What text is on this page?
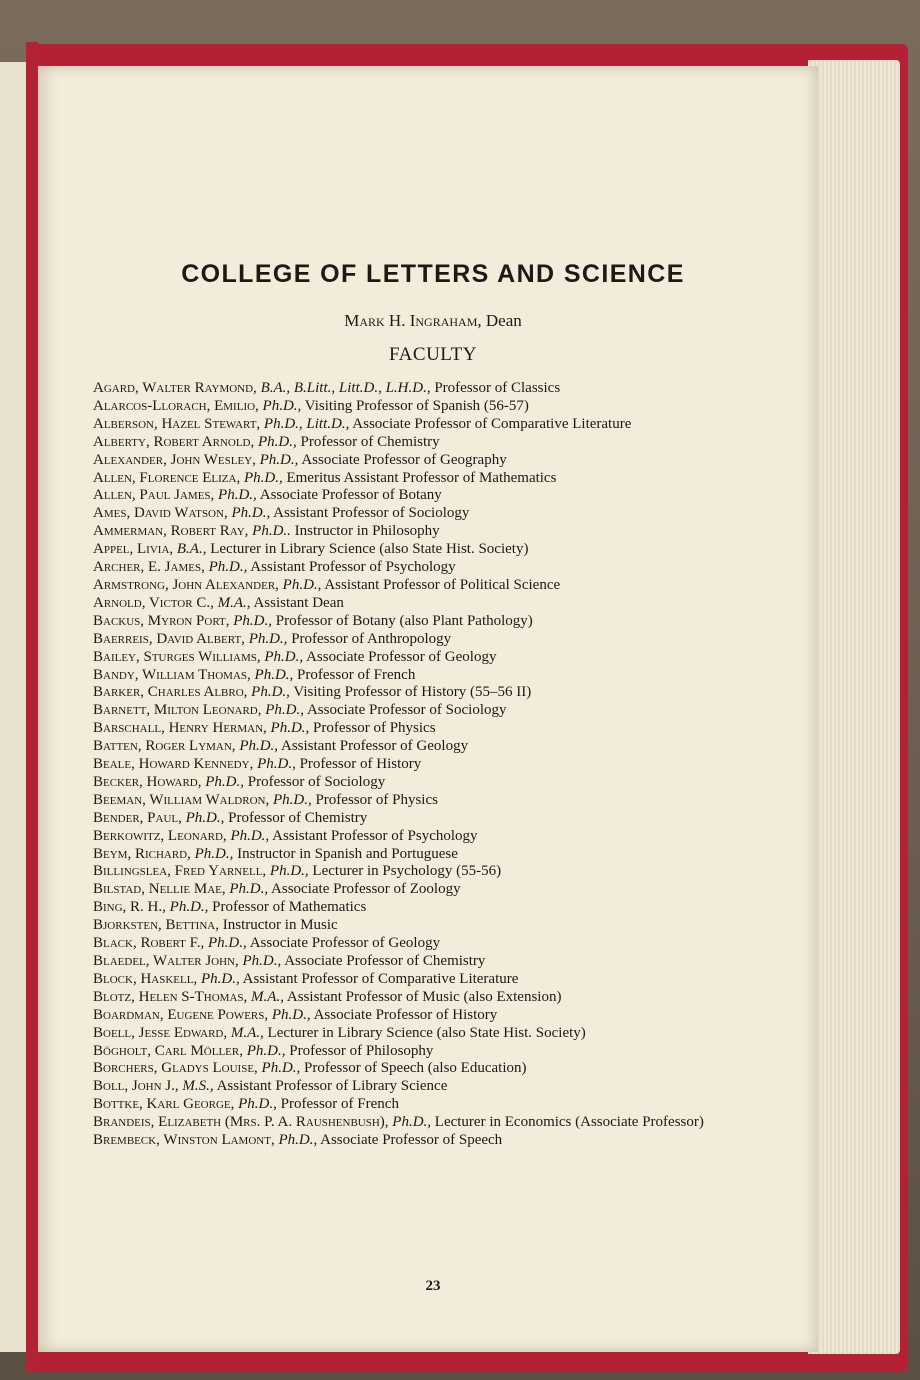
COLLEGE OF LETTERS AND SCIENCE
Mark H. Ingraham, Dean
FACULTY
Agard, Walter Raymond, B.A., B.Litt., Litt.D., L.H.D., Professor of Classics
Alarcos-Llorach, Emilio, Ph.D., Visiting Professor of Spanish (56-57)
Alberson, Hazel Stewart, Ph.D., Litt.D., Associate Professor of Comparative Literature
Alberty, Robert Arnold, Ph.D., Professor of Chemistry
Alexander, John Wesley, Ph.D., Associate Professor of Geography
Allen, Florence Eliza, Ph.D., Emeritus Assistant Professor of Mathematics
Allen, Paul James, Ph.D., Associate Professor of Botany
Ames, David Watson, Ph.D., Assistant Professor of Sociology
Ammerman, Robert Ray, Ph.D.. Instructor in Philosophy
Appel, Livia, B.A., Lecturer in Library Science (also State Hist. Society)
Archer, E. James, Ph.D., Assistant Professor of Psychology
Armstrong, John Alexander, Ph.D., Assistant Professor of Political Science
Arnold, Victor C., M.A., Assistant Dean
Backus, Myron Port, Ph.D., Professor of Botany (also Plant Pathology)
Baerreis, David Albert, Ph.D., Professor of Anthropology
Bailey, Sturges Williams, Ph.D., Associate Professor of Geology
Bandy, William Thomas, Ph.D., Professor of French
Barker, Charles Albro, Ph.D., Visiting Professor of History (55–56 II)
Barnett, Milton Leonard, Ph.D., Associate Professor of Sociology
Barschall, Henry Herman, Ph.D., Professor of Physics
Batten, Roger Lyman, Ph.D., Assistant Professor of Geology
Beale, Howard Kennedy, Ph.D., Professor of History
Becker, Howard, Ph.D., Professor of Sociology
Beeman, William Waldron, Ph.D., Professor of Physics
Bender, Paul, Ph.D., Professor of Chemistry
Berkowitz, Leonard, Ph.D., Assistant Professor of Psychology
Beym, Richard, Ph.D., Instructor in Spanish and Portuguese
Billingslea, Fred Yarnell, Ph.D., Lecturer in Psychology (55-56)
Bilstad, Nellie Mae, Ph.D., Associate Professor of Zoology
Bing, R. H., Ph.D., Professor of Mathematics
Bjorksten, Bettina, Instructor in Music
Black, Robert F., Ph.D., Associate Professor of Geology
Blaedel, Walter John, Ph.D., Associate Professor of Chemistry
Block, Haskell, Ph.D., Assistant Professor of Comparative Literature
Blotz, Helen S-Thomas, M.A., Assistant Professor of Music (also Extension)
Boardman, Eugene Powers, Ph.D., Associate Professor of History
Boell, Jesse Edward, M.A., Lecturer in Library Science (also State Hist. Society)
Bögholt, Carl Möller, Ph.D., Professor of Philosophy
Borchers, Gladys Louise, Ph.D., Professor of Speech (also Education)
Boll, John J., M.S., Assistant Professor of Library Science
Bottke, Karl George, Ph.D., Professor of French
Brandeis, Elizabeth (Mrs. P. A. Raushenbush), Ph.D., Lecturer in Economics (Associate Professor)
Brembeck, Winston Lamont, Ph.D., Associate Professor of Speech
23
